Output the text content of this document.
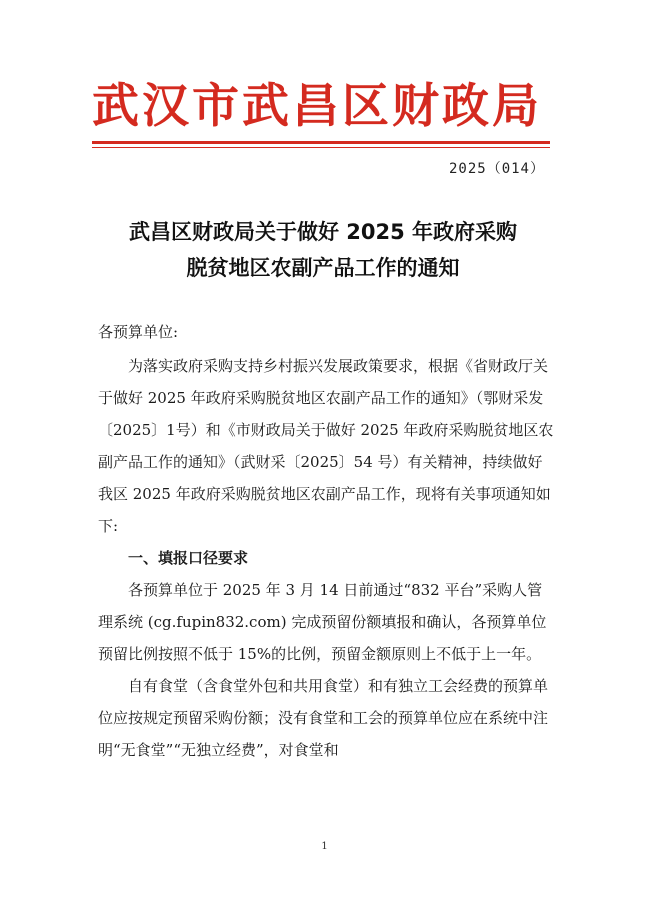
武汉市武昌区财政局
2025（014）
武昌区财政局关于做好 2025 年政府采购
脱贫地区农副产品工作的通知

各预算单位:

为落实政府采购支持乡村振兴发展政策要求，根据《省财政厅关于做好 2025 年政府采购脱贫地区农副产品工作的通知》（鄂财采发〔2025〕1号）和《市财政局关于做好 2025 年政府采购脱贫地区农副产品工作的通知》（武财采〔2025〕54 号）有关精神，持续做好我区 2025 年政府采购脱贫地区农副产品工作，现将有关事项通知如下:

一、填报口径要求

各预算单位于 2025 年 3 月 14 日前通过“832 平台”采购人管理系统 (cg.fupin832.com) 完成预留份额填报和确认，各预算单位预留比例按照不低于 15%的比例，预留金额原则上不低于上一年。

自有食堂（含食堂外包和共用食堂）和有独立工会经费的预算单位应按规定预留采购份额；没有食堂和工会的预算单位应在系统中注明“无食堂”“无独立经费”，对食堂和

1
